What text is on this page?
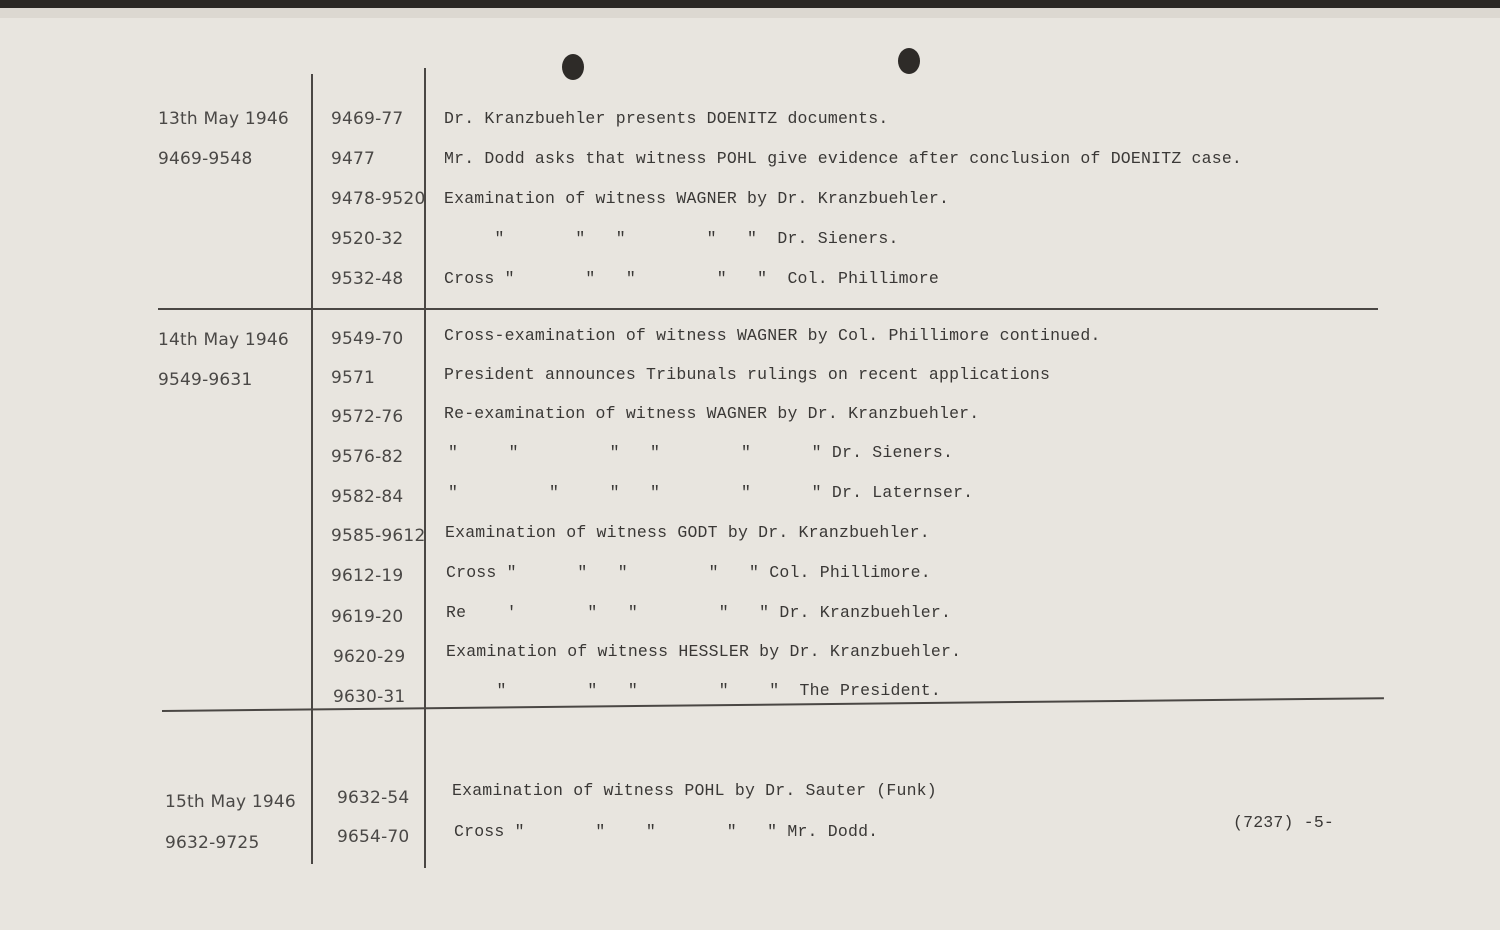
13th May 1946
9469-9548
9469-77 Dr. Kranzbuehler presents DOENITZ documents.
9477	Mr. Dodd asks that witness POHL give evidence after conclusion of DOENITZ case.
9478-9520 Examination of witness WAGNER by Dr. Kranzbuehler.
9520-32 "       "   "        "   "  Dr. Sieners.
9532-48 Cross "       "   "        "   "  Col. Phillimore
14th May 1946
9549-9631
9549-70 Cross-examination of witness WAGNER by Col. Phillimore continued.
9571	President announces Tribunals rulings on recent applications
9572-76 Re-examination of witness WAGNER by Dr. Kranzbuehler.
9576-82	"     "         "   "        "      " Dr. Sieners.
9582-84	"         "     "   "        "      " Dr. Laternser.
9585-9612 Examination of witness GODT by Dr. Kranzbuehler.
9612-19	Cross "      "   "        "   " Col. Phillimore.
9619-20	Re    '       "   "        "   " Dr. Kranzbuehler.
9620-29 Examination of witness HESSLER by Dr. Kranzbuehler.
9630-31 "        "   "        "    "  The President.
15th May 1946
9632-9725
9632-54	Examination of witness POHL by Dr. Sauter (Funk)
9654-70	Cross "       "    "       "   " Mr. Dodd.	(7237) -5-
